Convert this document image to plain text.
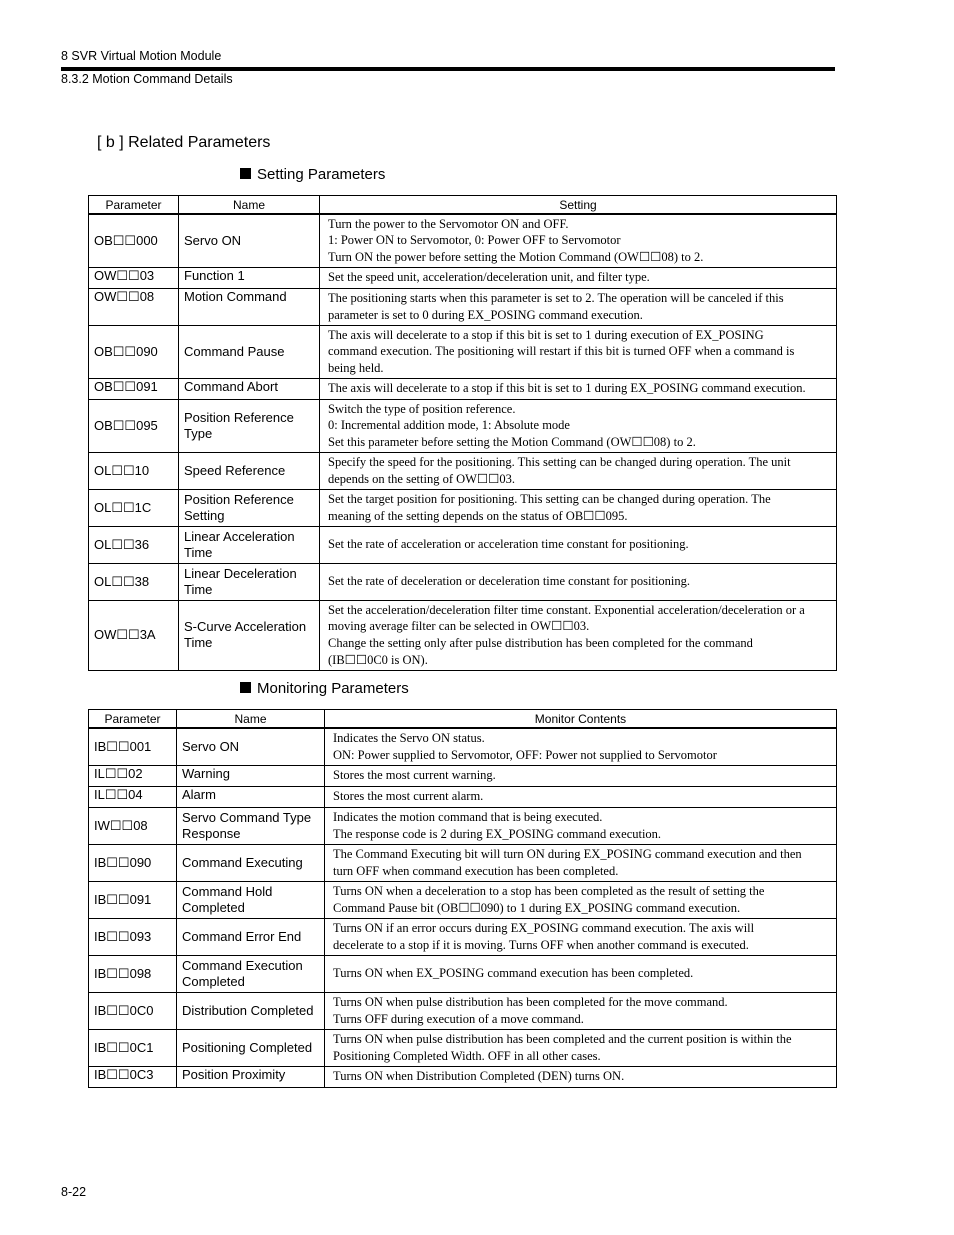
8 SVR Virtual Motion Module
8.3.2 Motion Command Details
[ b ] Related Parameters
Setting Parameters
Parameter	Name	Setting
OB☐☐000	Servo ON	Turn the power to the Servomotor ON and OFF.
1: Power ON to Servomotor, 0: Power OFF to Servomotor
Turn ON the power before setting the Motion Command (OW☐☐08) to 2.

OW☐☐03	Function 1	Set the speed unit, acceleration/deceleration unit, and filter type.

OW☐☐08	Motion Command	The positioning starts when this parameter is set to 2. The operation will be canceled if this
parameter is set to 0 during EX_POSING command execution.

OB☐☐090	Command Pause	The axis will decelerate to a stop if this bit is set to 1 during execution of EX_POSING
command execution. The positioning will restart if this bit is turned OFF when a command is
being held.

OB☐☐091	Command Abort	The axis will decelerate to a stop if this bit is set to 1 during EX_POSING command execution.

OB☐☐095	Position Reference
Type	Switch the type of position reference.
0: Incremental addition mode, 1: Absolute mode
Set this parameter before setting the Motion Command (OW☐☐08) to 2.

OL☐☐10	Speed Reference	Specify the speed for the positioning. This setting can be changed during operation. The unit
depends on the setting of OW☐☐03.

OL☐☐1C	Position Reference
Setting	Set the target position for positioning. This setting can be changed during operation. The
meaning of the setting depends on the status of OB☐☐095.

OL☐☐36	Linear Acceleration
Time	Set the rate of acceleration or acceleration time constant for positioning.

OL☐☐38	Linear Deceleration
Time	Set the rate of deceleration or deceleration time constant for positioning.

OW☐☐3A	S-Curve Acceleration
Time	Set the acceleration/deceleration filter time constant. Exponential acceleration/deceleration or a
moving average filter can be selected in OW☐☐03.
Change the setting only after pulse distribution has been completed for the command
(IB☐☐0C0 is ON).
Monitoring Parameters
Parameter	Name	Monitor Contents
IB☐☐001	Servo ON	Indicates the Servo ON status.
ON: Power supplied to Servomotor, OFF: Power not supplied to Servomotor

IL☐☐02	Warning	Stores the most current warning.

IL☐☐04	Alarm	Stores the most current alarm.

IW☐☐08	Servo Command Type
Response	Indicates the motion command that is being executed.
The response code is 2 during EX_POSING command execution.

IB☐☐090	Command Executing	The Command Executing bit will turn ON during EX_POSING command execution and then
turn OFF when command execution has been completed.

IB☐☐091	Command Hold
Completed	Turns ON when a deceleration to a stop has been completed as the result of setting the
Command Pause bit (OB☐☐090) to 1 during EX_POSING command execution.

IB☐☐093	Command Error End	Turns ON if an error occurs during EX_POSING command execution. The axis will
decelerate to a stop if it is moving. Turns OFF when another command is executed.

IB☐☐098	Command Execution
Completed	Turns ON when EX_POSING command execution has been completed.

IB☐☐0C0	Distribution Completed	Turns ON when pulse distribution has been completed for the move command.
Turns OFF during execution of a move command.

IB☐☐0C1	Positioning Completed	Turns ON when pulse distribution has been completed and the current position is within the
Positioning Completed Width. OFF in all other cases.

IB☐☐0C3	Position Proximity	Turns ON when Distribution Completed (DEN) turns ON.
8-22
